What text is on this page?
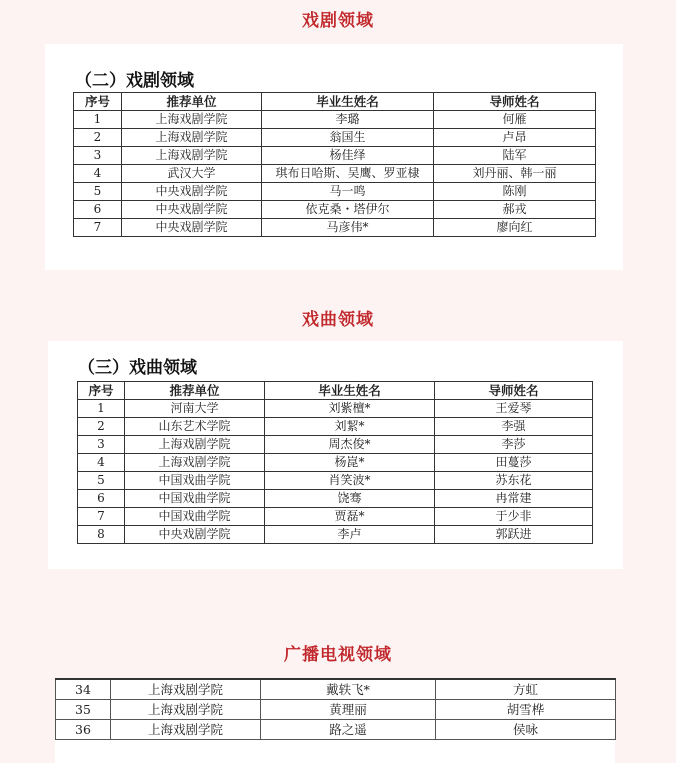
戏剧领域
（二）戏剧领域
序号	推荐单位	毕业生姓名	导师姓名
1	上海戏剧学院	李璐	何雁
2	上海戏剧学院	翁国生	卢昂
3	上海戏剧学院	杨佳绎	陆军
4	武汉大学	琪布日哈斯、吴鹰、罗亚棣	刘丹丽、韩一丽
5	中央戏剧学院	马一鸣	陈刚
6	中央戏剧学院	依克桑・塔伊尔	郝戎
7	中央戏剧学院	马彦伟*	廖向红
戏曲领域
（三）戏曲领域
序号	推荐单位	毕业生姓名	导师姓名
1	河南大学	刘紫檀*	王爱琴
2	山东艺术学院	刘絜*	李强
3	上海戏剧学院	周杰俊*	李莎
4	上海戏剧学院	杨崑*	田蔓莎
5	中国戏曲学院	肖笑波*	苏东花
6	中国戏曲学院	饶骞	冉常建
7	中国戏曲学院	贾磊*	于少非
8	中央戏剧学院	李卢	郭跃进
广播电视领域
34	上海戏剧学院	戴轶飞*	方虹
35	上海戏剧学院	黄理丽	胡雪桦
36	上海戏剧学院	路之遥	侯咏
